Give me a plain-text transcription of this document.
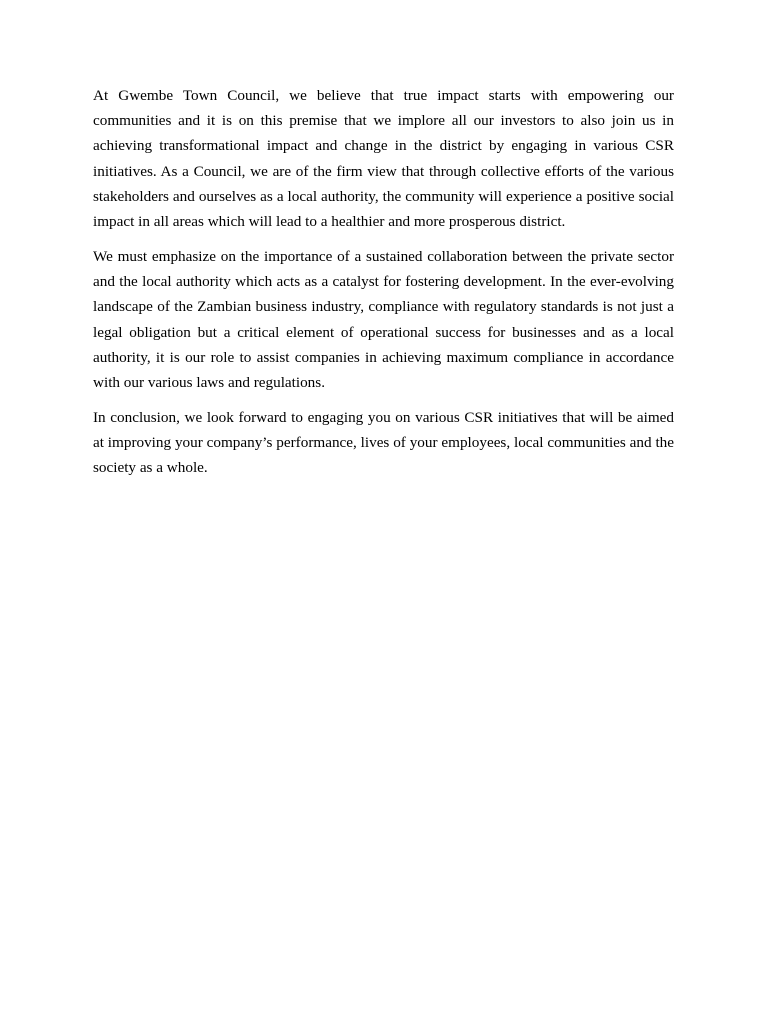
At Gwembe Town Council, we believe that true impact starts with empowering our communities and it is on this premise that we implore all our investors to also join us in achieving transformational impact and change in the district by engaging in various CSR initiatives. As a Council, we are of the firm view that through collective efforts of the various stakeholders and ourselves as a local authority, the community will experience a positive social impact in all areas which will lead to a healthier and more prosperous district.

We must emphasize on the importance of a sustained collaboration between the private sector and the local authority which acts as a catalyst for fostering development. In the ever-evolving landscape of the Zambian business industry, compliance with regulatory standards is not just a legal obligation but a critical element of operational success for businesses and as a local authority, it is our role to assist companies in achieving maximum compliance in accordance with our various laws and regulations.

In conclusion, we look forward to engaging you on various CSR initiatives that will be aimed at improving your company’s performance, lives of your employees, local communities and the society as a whole.
